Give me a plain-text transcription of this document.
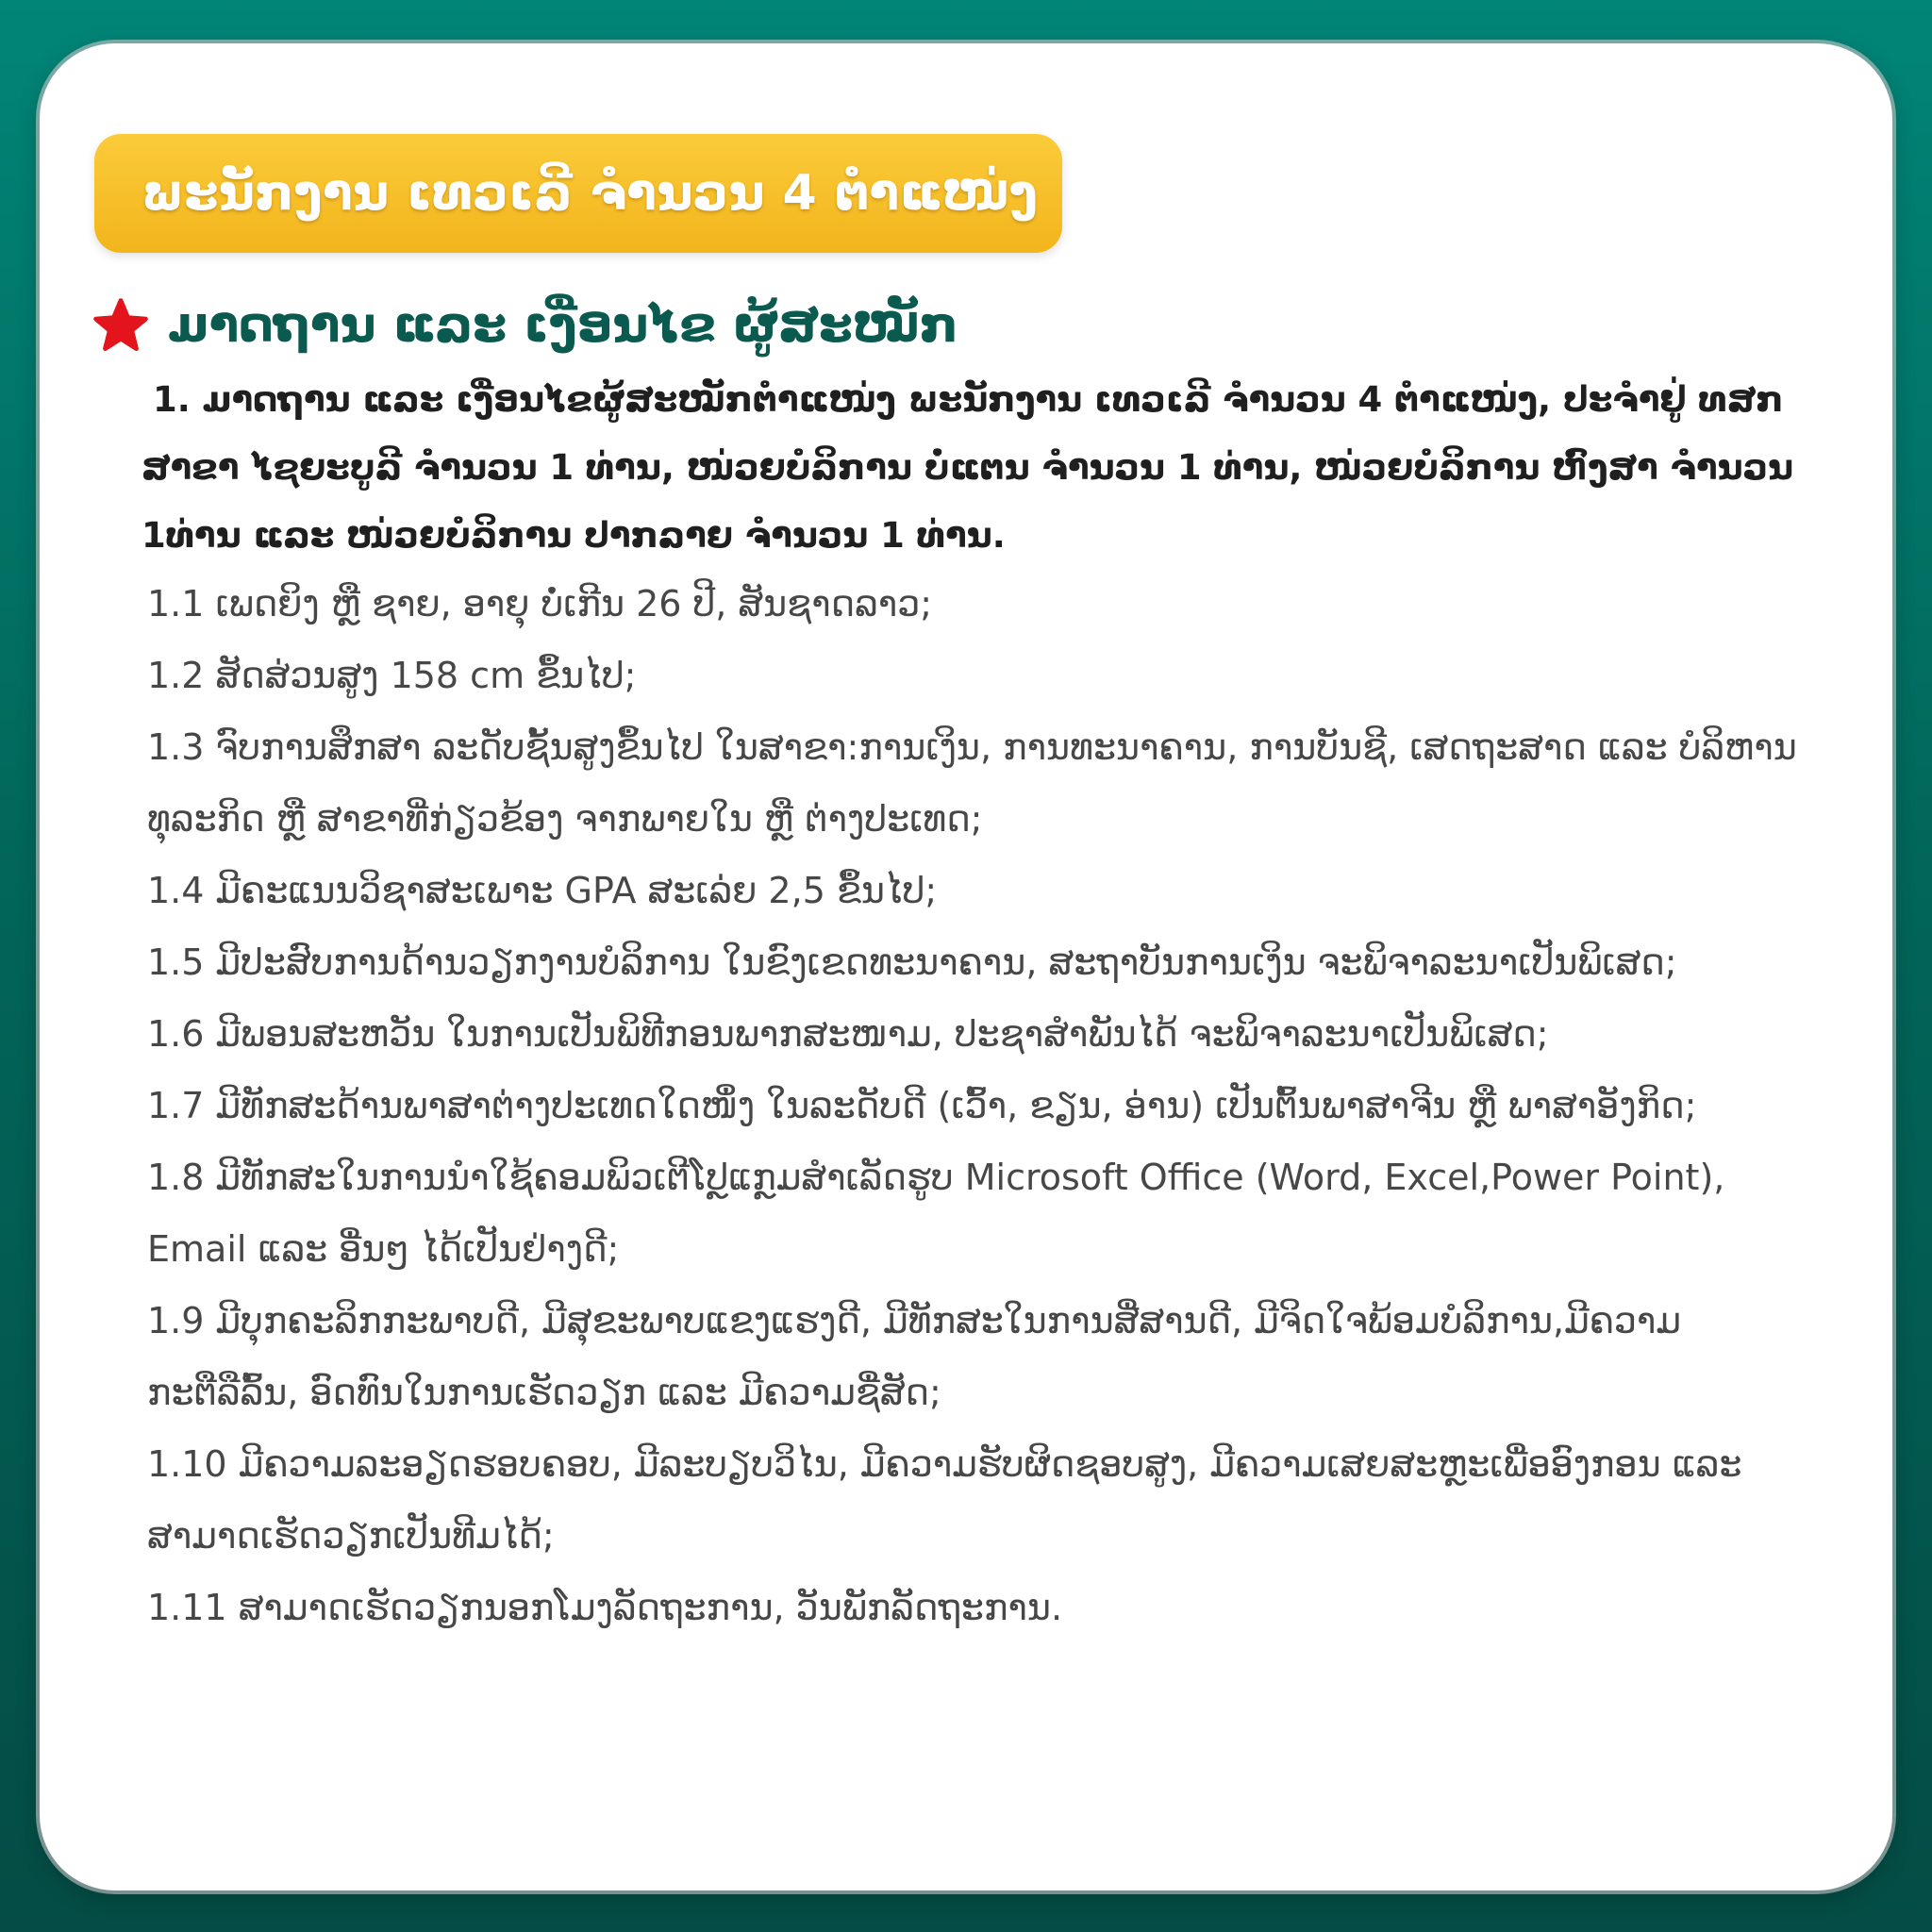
ພະນັກງານ ເທວເລີ ຈຳນວນ 4 ຕຳແໜ່ງ
ມາດຖານ ແລະ ເງື່ອນໄຂ ຜູ້ສະໝັກ

1. ມາດຖານ ແລະ ເງື່ອນໄຂຜູ້ສະໝັກຕຳແໜ່ງ ພະນັກງານ ເທວເລີ ຈຳນວນ 4 ຕຳແໜ່ງ, ປະຈຳຢູ່ ທສກ ສາຂາ ໄຊຍະບູລີ ຈຳນວນ 1 ທ່ານ, ໜ່ວຍບໍລິການ ບໍ່ແຕນ ຈຳນວນ 1 ທ່ານ, ໜ່ວຍບໍລິການ ຫົງສາ ຈຳນວນ 1ທ່ານ ແລະ ໜ່ວຍບໍລິການ ປາກລາຍ ຈຳນວນ 1 ທ່ານ.

1.1 ເພດຍິງ ຫຼື ຊາຍ, ອາຍຸ ບໍ່ເກີນ 26 ປີ, ສັນຊາດລາວ;
1.2 ສັດສ່ວນສູງ 158 cm ຂຶ້ນໄປ;
1.3 ຈົບການສຶກສາ ລະດັບຊັ້ນສູງຂຶ້ນໄປ ໃນສາຂາ:ການເງິນ, ການທະນາຄານ, ການບັນຊີ, ເສດຖະສາດ ແລະ ບໍລິຫານ ທຸລະກິດ ຫຼື ສາຂາທີ່ກ່ຽວຂ້ອງ ຈາກພາຍໃນ ຫຼື ຕ່າງປະເທດ;
1.4 ມີຄະແນນວິຊາສະເພາະ GPA ສະເລ່ຍ 2,5 ຂຶ້ນໄປ;
1.5 ມີປະສົບການດ້ານວຽກງານບໍລິການ ໃນຂົງເຂດທະນາຄານ, ສະຖາບັນການເງິນ ຈະພິຈາລະນາເປັນພິເສດ;
1.6 ມີພອນສະຫວັນ ໃນການເປັນພິທີກອນພາກສະໜາມ, ປະຊາສຳພັນໄດ້ ຈະພິຈາລະນາເປັນພິເສດ;
1.7 ມີທັກສະດ້ານພາສາຕ່າງປະເທດໃດໜຶ່ງ ໃນລະດັບດີ (ເວົ້າ, ຂຽນ, ອ່ານ) ເປັນຕົ້ນພາສາຈີນ ຫຼື ພາສາອັງກິດ;
1.8 ມີທັກສະໃນການນຳໃຊ້ຄອມພິວເຕີໂປຼແກຼມສຳເລັດຮູບ Microsoft Office (Word, Excel,Power Point), Email ແລະ ອື່ນໆ ໄດ້ເປັນຢ່າງດີ;
1.9 ມີບຸກຄະລິກກະພາບດີ, ມີສຸຂະພາບແຂງແຮງດີ, ມີທັກສະໃນການສື່ສານດີ, ມີຈິດໃຈພ້ອມບໍລິການ,ມີຄວາມ ກະຕືລືລົ້ນ, ອົດທົນໃນການເຮັດວຽກ ແລະ ມີຄວາມຊື່ສັດ;
1.10 ມີຄວາມລະອຽດຮອບຄອບ, ມີລະບຽບວິໄນ, ມີຄວາມຮັບຜິດຊອບສູງ, ມີຄວາມເສຍສະຫຼະເພື່ອອົງກອນ ແລະ ສາມາດເຮັດວຽກເປັນທີມໄດ້;
1.11 ສາມາດເຮັດວຽກນອກໂມງລັດຖະການ, ວັນພັກລັດຖະການ.
